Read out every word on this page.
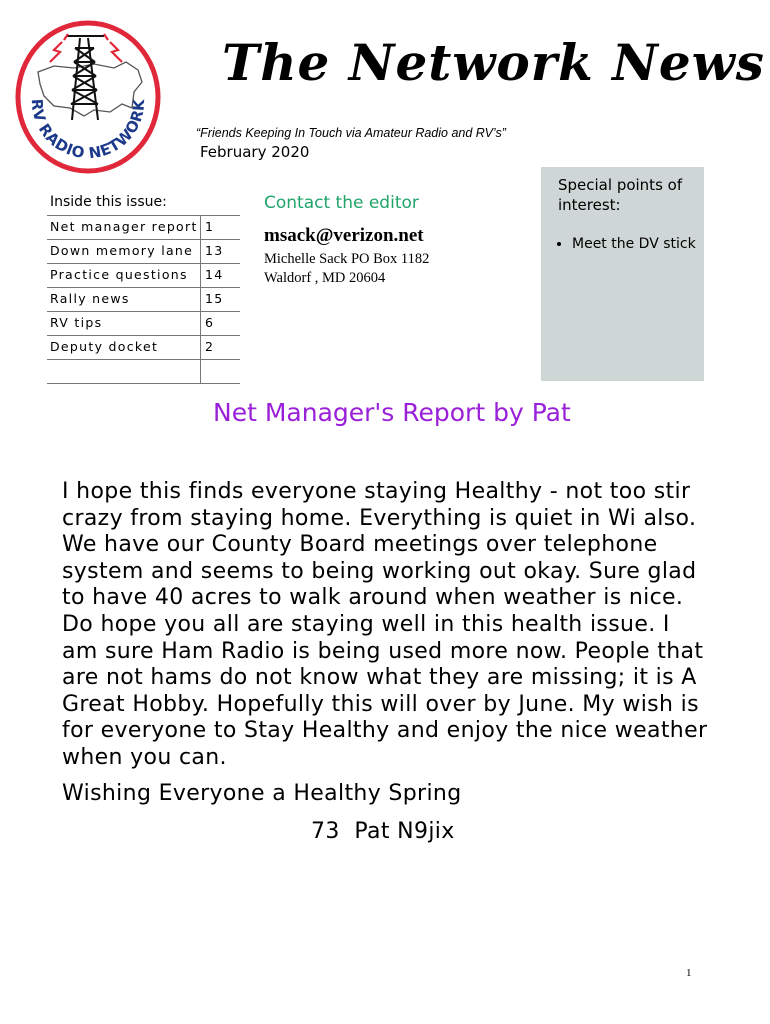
RV RADIO NETWORK
The Network News
“Friends Keeping In Touch via Amateur Radio and RV’s”
February 2020
Inside this issue:
Net manager report 1
Down memory lane 13
Practice questions	14
Rally news	15
RV tips	6
Deputy docket	2
Contact the editor
msack@verizon.net
Michelle Sack PO Box 1182
Waldorf , MD 20604
Special points of interest:
• Meet the DV stick
Net Manager's Report by Pat

I hope this finds everyone staying Healthy - not too stir crazy from staying home. Everything is quiet in Wi also. We have our County Board meetings over telephone system and seems to being working out okay. Sure glad to have 40 acres to walk around when weather is nice. Do hope you all are staying well in this health issue. I am sure Ham Radio is being used more now. People that are not hams do not know what they are missing; it is A Great Hobby. Hopefully this will over by June. My wish is for everyone to Stay Healthy and enjoy the nice weather when you can.

Wishing Everyone a Healthy Spring
73  Pat N9jix
1
